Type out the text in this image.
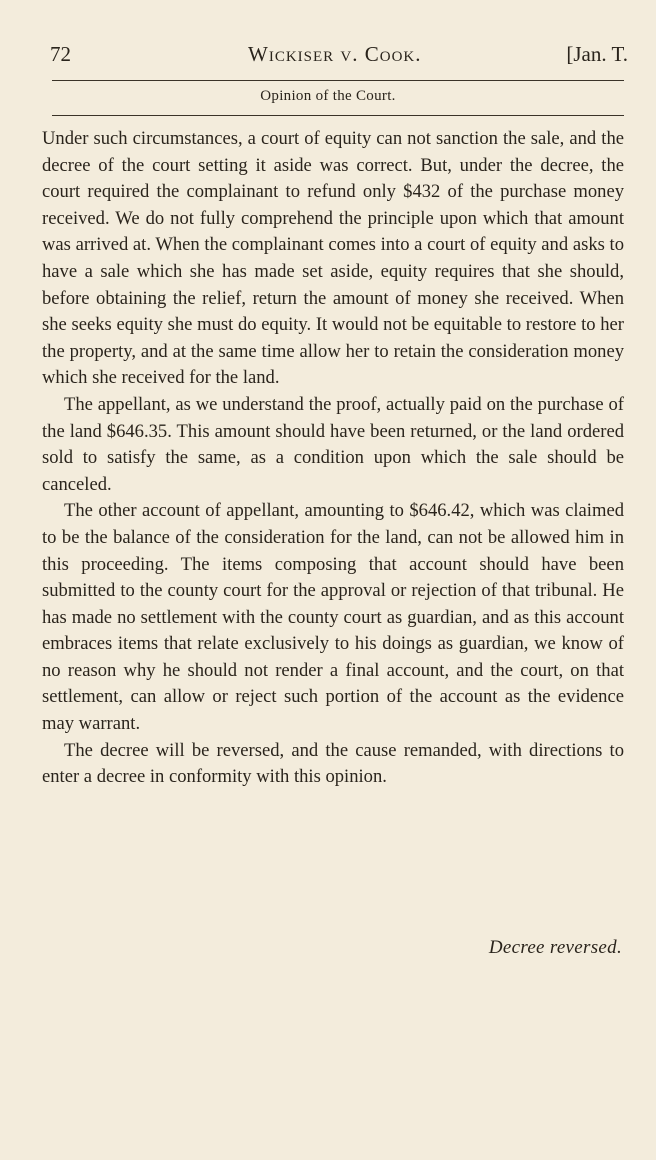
72	Wickiser v. Cook.	[Jan. T.
Opinion of the Court.

Under such circumstances, a court of equity can not sanction the sale, and the decree of the court setting it aside was correct. But, under the decree, the court required the complainant to refund only $432 of the purchase money received. We do not fully comprehend the principle upon which that amount was arrived at. When the complainant comes into a court of equity and asks to have a sale which she has made set aside, equity requires that she should, before obtaining the relief, return the amount of money she received. When she seeks equity she must do equity. It would not be equitable to restore to her the property, and at the same time allow her to retain the consideration money which she received for the land.

The appellant, as we understand the proof, actually paid on the purchase of the land $646.35. This amount should have been returned, or the land ordered sold to satisfy the same, as a condition upon which the sale should be canceled.

The other account of appellant, amounting to $646.42, which was claimed to be the balance of the consideration for the land, can not be allowed him in this proceeding. The items composing that account should have been submitted to the county court for the approval or rejection of that tribunal. He has made no settlement with the county court as guardian, and as this account embraces items that relate exclusively to his doings as guardian, we know of no reason why he should not render a final account, and the court, on that settlement, can allow or reject such portion of the account as the evidence may warrant.

The decree will be reversed, and the cause remanded, with directions to enter a decree in conformity with this opinion.

Decree reversed.
